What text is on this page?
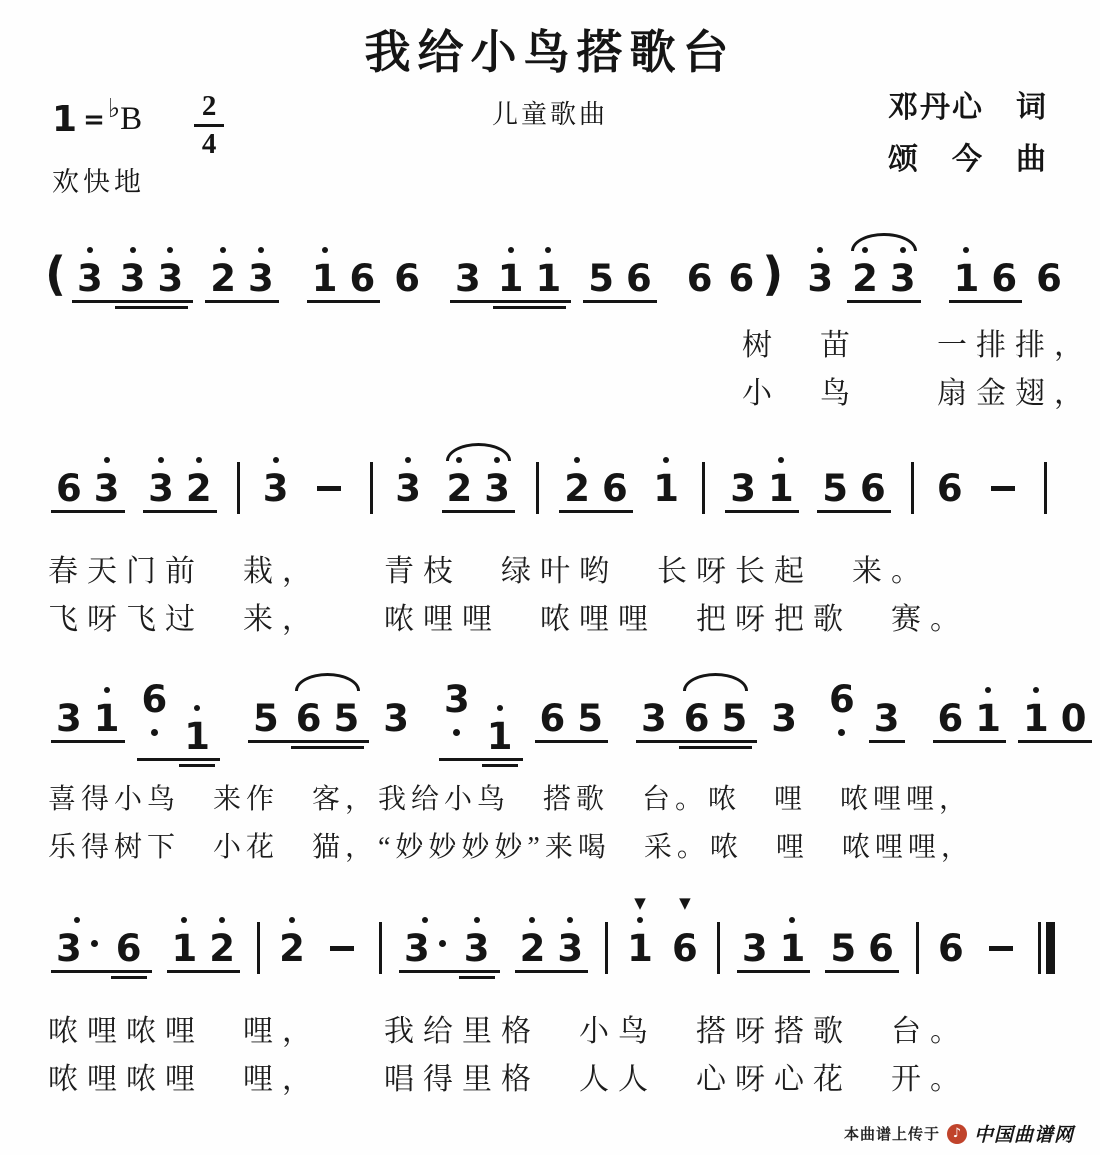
我给小鸟搭歌台
儿童歌曲	邓丹心　词
颂　今　曲
1 = ♭ B 2
4
欢快地
( 3 3 3 2 3 1 6 6 3 1 1 5 6 6 6 ) 3 2 3 1 6 6
树　苗　　一排排，
小　鸟　　扇金翅，
6 3 3 2 3	3 2 3 2 6 1 3 1 5 6 6
春天门前　栽，　　青枝　绿叶哟　长呀长起　来。
飞呀飞过　来，　　哝哩哩　哝哩哩　把呀把歌　赛。
3 1 6
1 5 6 5 3 3
1 6 5 3 6 5 3 6 3 6 1 1 0
喜得小鸟　来作　客，我给小鸟　搭歌　台。哝　哩　哝哩哩，
乐得树下　小花　猫，“妙妙妙妙”来喝　采。哝　哩　哝哩哩，
3 6 1 2 2	3 3 2 3 1
▼
6
▼
3 1 5 6 6
哝哩哝哩　哩，　　我给里格　小鸟　搭呀搭歌　台。
哝哩哝哩　哩，　　唱得里格　人人　心呀心花　开。
本曲谱上传于 ♪ 中国曲谱网
